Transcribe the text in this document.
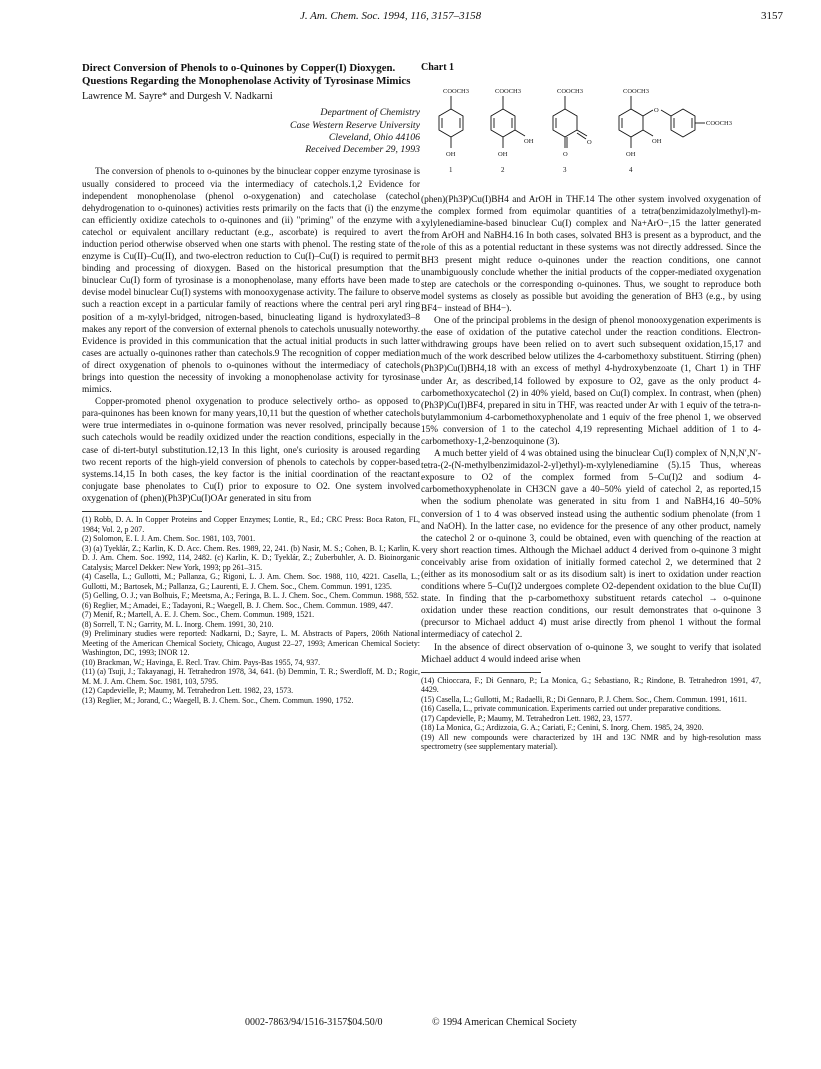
J. Am. Chem. Soc. 1994, 116, 3157–3158	3157
Direct Conversion of Phenols to o-Quinones by Copper(I) Dioxygen. Questions Regarding the Monophenolase Activity of Tyrosinase Mimics
Lawrence M. Sayre* and Durgesh V. Nadkarni
Department of Chemistry
Case Western Reserve University
Cleveland, Ohio 44106
Received December 29, 1993

The conversion of phenols to o-quinones by the binuclear copper enzyme tyrosinase is usually considered to proceed via the intermediacy of catechols.1,2 Evidence for independent monophenolase (phenol o-oxygenation) and catecholase (catechol dehydrogenation to o-quinones) activities rests primarily on the facts that (i) the enzyme can efficiently oxidize catechols to o-quinones and (ii) "priming" of the enzyme with a catechol or equivalent ancillary reductant (e.g., ascorbate) is required to avert the induction period otherwise observed when one starts with phenol. The resting state of the enzyme is Cu(II)–Cu(II), and two-electron reduction to Cu(I)–Cu(I) is required to permit binding and processing of dioxygen. Based on the historical presumption that the binuclear Cu(I) form of tyrosinase is a monophenolase, many efforts have been made to devise model binuclear Cu(I) systems with monooxygenase activity. The failure to observe such a reaction except in a particular family of reactions where the central peri aryl ring position of a m-xylyl-bridged, nitrogen-based, binucleating ligand is hydroxylated3–8 makes any report of the conversion of external phenols to catechols unusually noteworthy. Evidence is provided in this communication that the actual initial products in such latter cases are actually o-quinones rather than catechols.9 The recognition of copper mediation of direct oxygenation of phenols to o-quinones without the intermediacy of catechols brings into question the necessity of invoking a monophenolase activity for tyrosinase mimics.

Copper-promoted phenol oxygenation to produce selectively ortho- as opposed to para-quinones has been known for many years,10,11 but the question of whether catechols were true intermediates in o-quinone formation was never resolved, principally because such catechols would be readily oxidized under the reaction conditions, especially in the case of di-tert-butyl substitution.12,13 In this light, one's curiosity is aroused regarding two recent reports of the high-yield conversion of phenols to catechols by copper-based systems.14,15 In both cases, the key factor is the initial coordination of the reactant conjugate base phenolates to Cu(I) prior to exposure to O2. One system involved oxygenation of (phen)(Ph3P)Cu(I)OAr generated in situ from

(1) Robb, D. A. In Copper Proteins and Copper Enzymes; Lontie, R., Ed.; CRC Press: Boca Raton, FL, 1984; Vol. 2, p 207.
(2) Solomon, E. I. J. Am. Chem. Soc. 1981, 103, 7001.
(3) (a) Tyeklár, Z.; Karlin, K. D. Acc. Chem. Res. 1989, 22, 241. (b) Nasir, M. S.; Cohen, B. I.; Karlin, K. D. J. Am. Chem. Soc. 1992, 114, 2482. (c) Karlin, K. D.; Tyeklár, Z.; Zuberbuhler, A. D. Bioinorganic Catalysis; Marcel Dekker: New York, 1993; pp 261–315.
(4) Casella, L.; Gullotti, M.; Pallanza, G.; Rigoni, L. J. Am. Chem. Soc. 1988, 110, 4221. Casella, L.; Gullotti, M.; Bartosek, M.; Pallanza, G.; Laurenti, E. J. Chem. Soc., Chem. Commun. 1991, 1235.
(5) Gelling, O. J.; van Bolhuis, F.; Meetsma, A.; Feringa, B. L. J. Chem. Soc., Chem. Commun. 1988, 552.
(6) Reglier, M.; Amadei, E.; Tadayoni, R.; Waegell, B. J. Chem. Soc., Chem. Commun. 1989, 447.
(7) Menif, R.; Martell, A. E. J. Chem. Soc., Chem. Commun. 1989, 1521.
(8) Sorrell, T. N.; Garrity, M. L. Inorg. Chem. 1991, 30, 210.
(9) Preliminary studies were reported: Nadkarni, D.; Sayre, L. M. Abstracts of Papers, 206th National Meeting of the American Chemical Society, Chicago, August 22–27, 1993; American Chemical Society: Washington, DC, 1993; INOR 12.
(10) Brackman, W.; Havinga, E. Recl. Trav. Chim. Pays-Bas 1955, 74, 937.
(11) (a) Tsuji, J.; Takayanagi, H. Tetrahedron 1978, 34, 641. (b) Demmin, T. R.; Swerdloff, M. D.; Rogic, M. M. J. Am. Chem. Soc. 1981, 103, 5795.
(12) Capdevielle, P.; Maumy, M. Tetrahedron Lett. 1982, 23, 1573.
(13) Reglier, M.; Jorand, C.; Waegell, B. J. Chem. Soc., Chem. Commun. 1990, 1752.
Chart 1
COOCH3
OH
1
COOCH3
OH
OH
2
COOCH3
O
O
3
COOCH3
O
OH
OH
COOCH3
4

(phen)(Ph3P)Cu(I)BH4 and ArOH in THF.14 The other system involved oxygenation of the complex formed from equimolar quantities of a tetra(benzimidazolylmethyl)-m-xylylenediamine-based binuclear Cu(I) complex and Na+ArO−,15 the latter generated from ArOH and NaBH4.16 In both cases, solvated BH3 is present as a byproduct, and the role of this as a potential reductant in these systems was not directly addressed. Since the BH3 present might reduce o-quinones under the reaction conditions, one cannot unambiguously conclude whether the initial products of the copper-mediated oxygenation step are catechols or the corresponding o-quinones. Thus, we sought to reproduce both model systems as closely as possible but avoiding the generation of BH3 (e.g., by using BF4− instead of BH4−).

One of the principal problems in the design of phenol monooxygenation experiments is the ease of oxidation of the putative catechol under the reaction conditions. Electron-withdrawing groups have been relied on to avert such subsequent oxidation,15,17 and much of the work described below utilizes the 4-carbomethoxy substituent. Stirring (phen)(Ph3P)Cu(I)BH4,18 with an excess of methyl 4-hydroxybenzoate (1, Chart 1) in THF under Ar, as described,14 followed by exposure to O2, gave as the only product 4-carbomethoxycatechol (2) in 40% yield, based on Cu(I) complex. In contrast, when (phen)(Ph3P)Cu(I)BF4, prepared in situ in THF, was reacted under Ar with 1 equiv of the tetra-n-butylammonium 4-carbomethoxyphenolate and 1 equiv of the free phenol 1, we observed 15% conversion of 1 to the catechol 4,19 representing Michael addition of 1 to 4-carbomethoxy-1,2-benzoquinone (3).

A much better yield of 4 was obtained using the binuclear Cu(I) complex of N,N,N′,N′-tetra-(2-(N-methylbenzimidazol-2-yl)ethyl)-m-xylylenediamine (5).15 Thus, whereas exposure to O2 of the complex formed from 5–Cu(I)2 and sodium 4-carbomethoxyphenolate in CH3CN gave a 40–50% yield of catechol 2, as reported,15 when the sodium phenolate was generated in situ from 1 and NaBH4,16 40–50% conversion of 1 to 4 was observed instead using the authentic sodium phenolate (from 1 and NaOH). In the latter case, no evidence for the presence of any other product, namely the catechol 2 or o-quinone 3, could be obtained, even with quenching of the reaction at very short reaction times. Although the Michael adduct 4 derived from o-quinone 3 might conceivably arise from oxidation of initially formed catechol 2, we determined that 2 (either as its monosodium salt or as its disodium salt) is inert to oxidation under reaction conditions where 5–Cu(I)2 undergoes complete O2-dependent oxidation to the blue Cu(II) state. In finding that the p-carbomethoxy substituent retards catechol → o-quinone oxidation under these reaction conditions, our result demonstrates that o-quinone 3 (precursor to Michael adduct 4) must arise directly from phenol 1 without the formal intermediacy of catechol 2.

In the absence of direct observation of o-quinone 3, we sought to verify that isolated Michael adduct 4 would indeed arise when

(14) Chioccara, F.; Di Gennaro, P.; La Monica, G.; Sebastiano, R.; Rindone, B. Tetrahedron 1991, 47, 4429.
(15) Casella, L.; Gullotti, M.; Radaelli, R.; Di Gennaro, P. J. Chem. Soc., Chem. Commun. 1991, 1611.
(16) Casella, L., private communication. Experiments carried out under preparative conditions.
(17) Capdevielle, P.; Maumy, M. Tetrahedron Lett. 1982, 23, 1577.
(18) La Monica, G.; Ardizzoia, G. A.; Cariati, F.; Cenini, S. Inorg. Chem. 1985, 24, 3920.
(19) All new compounds were characterized by 1H and 13C NMR and by high-resolution mass spectrometry (see supplementary material).
0002-7863/94/1516-3157$04.50/0	© 1994 American Chemical Society
